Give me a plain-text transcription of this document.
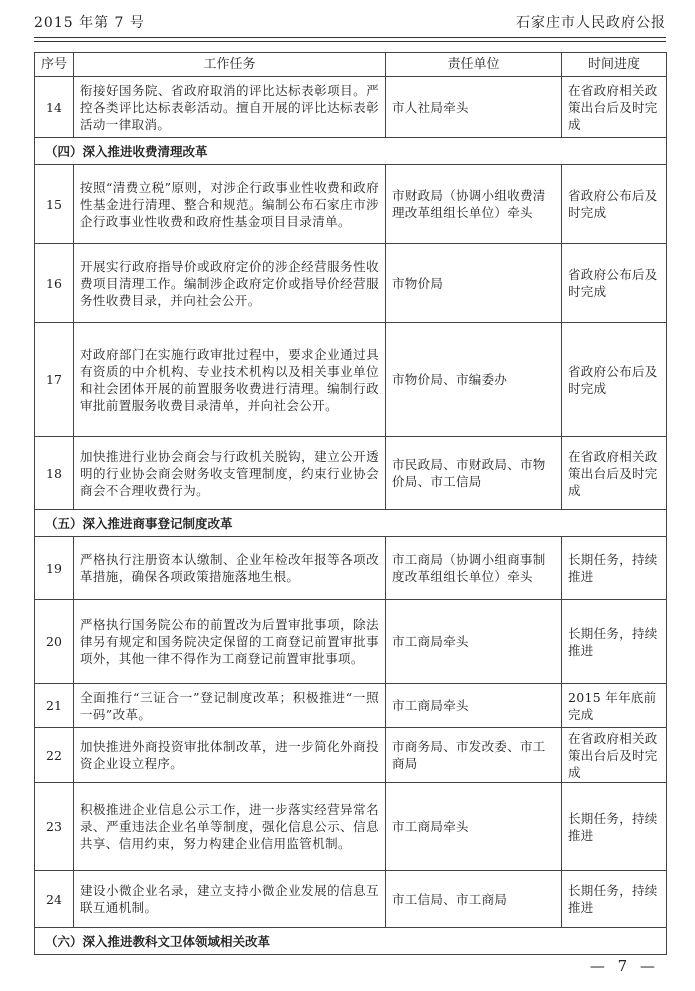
2015 年第 7 号	石家庄市人民政府公报
序号	工作任务	责任单位	时间进度
14	衔接好国务院、省政府取消的评比达标表彰项目。严控各类评比达标表彰活动。擅自开展的评比达标表彰活动一律取消。	市人社局牵头	在省政府相关政策出台后及时完成
（四）深入推进收费清理改革			
15	按照“清费立税”原则，对涉企行政事业性收费和政府性基金进行清理、整合和规范。编制公布石家庄市涉企行政事业性收费和政府性基金项目目录清单。	市财政局（协调小组收费清理改革组组长单位）牵头	省政府公布后及时完成
16	开展实行政府指导价或政府定价的涉企经营服务性收费项目清理工作。编制涉企政府定价或指导价经营服务性收费目录，并向社会公开。	市物价局	省政府公布后及时完成
17	对政府部门在实施行政审批过程中，要求企业通过具有资质的中介机构、专业技术机构以及相关事业单位和社会团体开展的前置服务收费进行清理。编制行政审批前置服务收费目录清单，并向社会公开。	市物价局、市编委办	省政府公布后及时完成
18	加快推进行业协会商会与行政机关脱钩，建立公开透明的行业协会商会财务收支管理制度，约束行业协会商会不合理收费行为。	市民政局、市财政局、市物价局、市工信局	在省政府相关政策出台后及时完成
（五）深入推进商事登记制度改革			
19	严格执行注册资本认缴制、企业年检改年报等各项改革措施，确保各项政策措施落地生根。	市工商局（协调小组商事制度改革组组长单位）牵头	长期任务，持续推进
20	严格执行国务院公布的前置改为后置审批事项，除法律另有规定和国务院决定保留的工商登记前置审批事项外，其他一律不得作为工商登记前置审批事项。	市工商局牵头	长期任务，持续推进
21	全面推行“三证合一”登记制度改革；积极推进“一照一码”改革。	市工商局牵头	2015 年年底前完成
22	加快推进外商投资审批体制改革，进一步简化外商投资企业设立程序。	市商务局、市发改委、市工商局	在省政府相关政策出台后及时完成
23	积极推进企业信息公示工作，进一步落实经营异常名录、严重违法企业名单等制度，强化信息公示、信息共享、信用约束，努力构建企业信用监管机制。	市工商局牵头	长期任务，持续推进
24	建设小微企业名录，建立支持小微企业发展的信息互联互通机制。	市工信局、市工商局	长期任务，持续推进
（六）深入推进教科文卫体领域相关改革			
— 7 —
